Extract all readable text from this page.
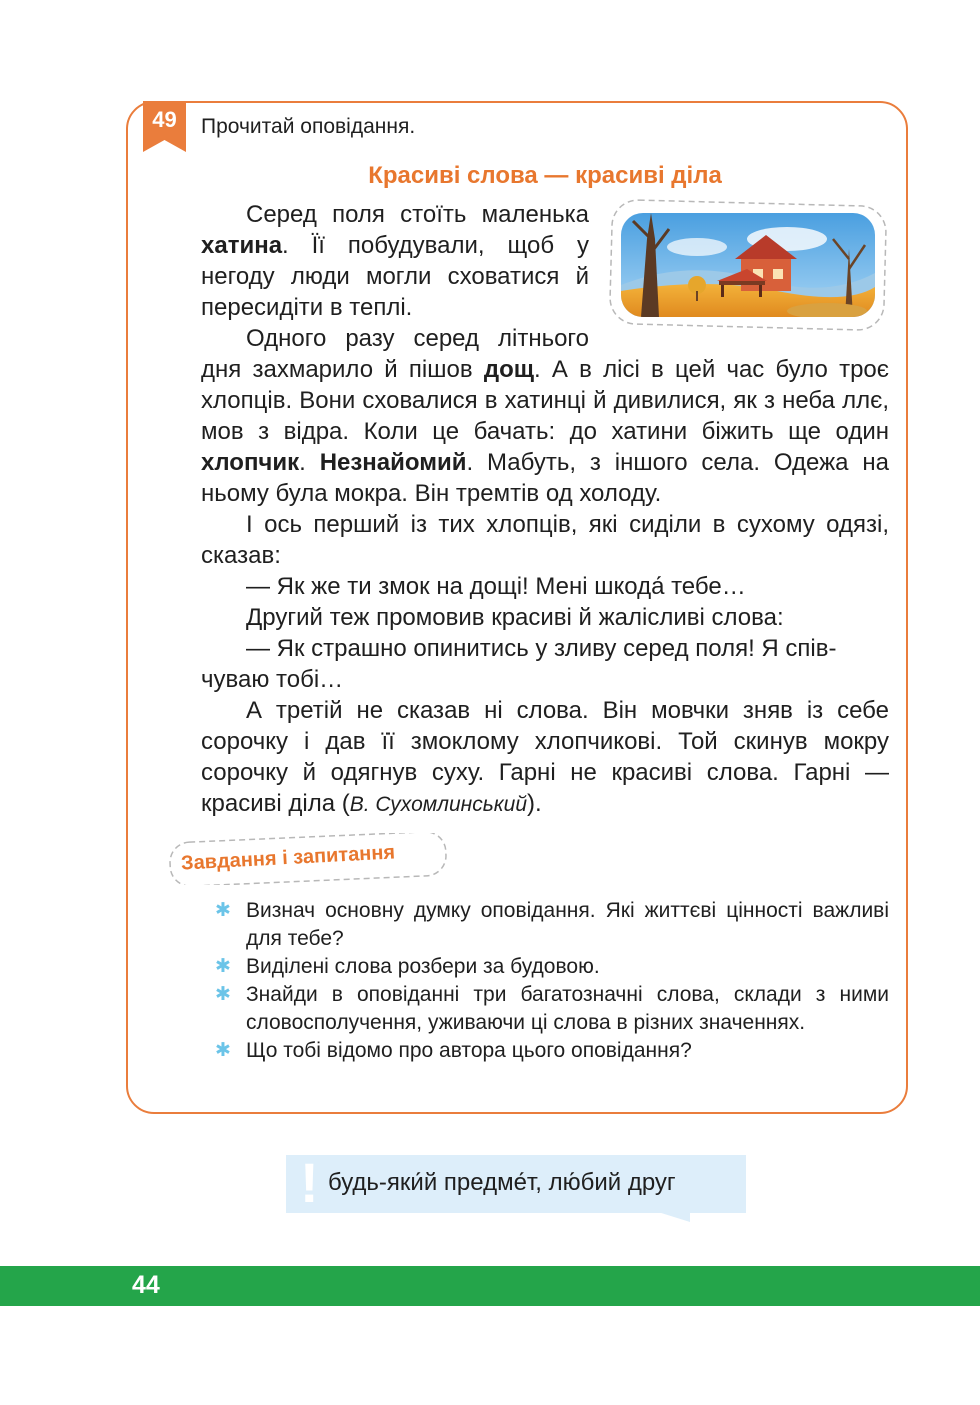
49	Прочитай оповідання.
Красиві слова — красиві діла

Серед поля стоїть маленька хатина. Її побудували, щоб у негоду люди могли сховатися й пересидіти в теплі.

Одного разу серед літнього дня захмарило й пішов дощ. А в лісі в цей час було троє хлопців. Вони сховалися в хатинці й дивилися, як з неба ллє, мов з відра. Коли це бачать: до хатини біжить ще один хлопчик. Незнайомий. Мабуть, з іншого села. Одежа на ньому була мокра. Він тремтів од холоду.

І ось перший із тих хлопців, які сиділи в сухому одязі, сказав:

— Як же ти змок на дощі! Мені шкода́ тебе…

Другий теж промовив красиві й жалісливі слова:

— Як страшно опинитись у зливу серед поля! Я спів-

чуваю тобі…

А третій не сказав ні слова. Він мовчки зняв із себе сорочку і дав її змоклому хлопчикові. Той скинув мокру сорочку й одягнув суху. Гарні не красиві слова. Гарні — красиві діла (В. Сухомлинський).

Завдання і запитання
✱ Визнач основну думку оповідання. Які життєві цінності важливі для тебе?
✱ Виділені слова розбери за будовою.
✱ Знайди в оповіданні три багатозначні слова, склади з ними словосполучення, уживаючи ці слова в різних значеннях.
✱ Що тобі відомо про автора цього оповідання?
! будь-яки́й предме́т, лю́бий друг
44
